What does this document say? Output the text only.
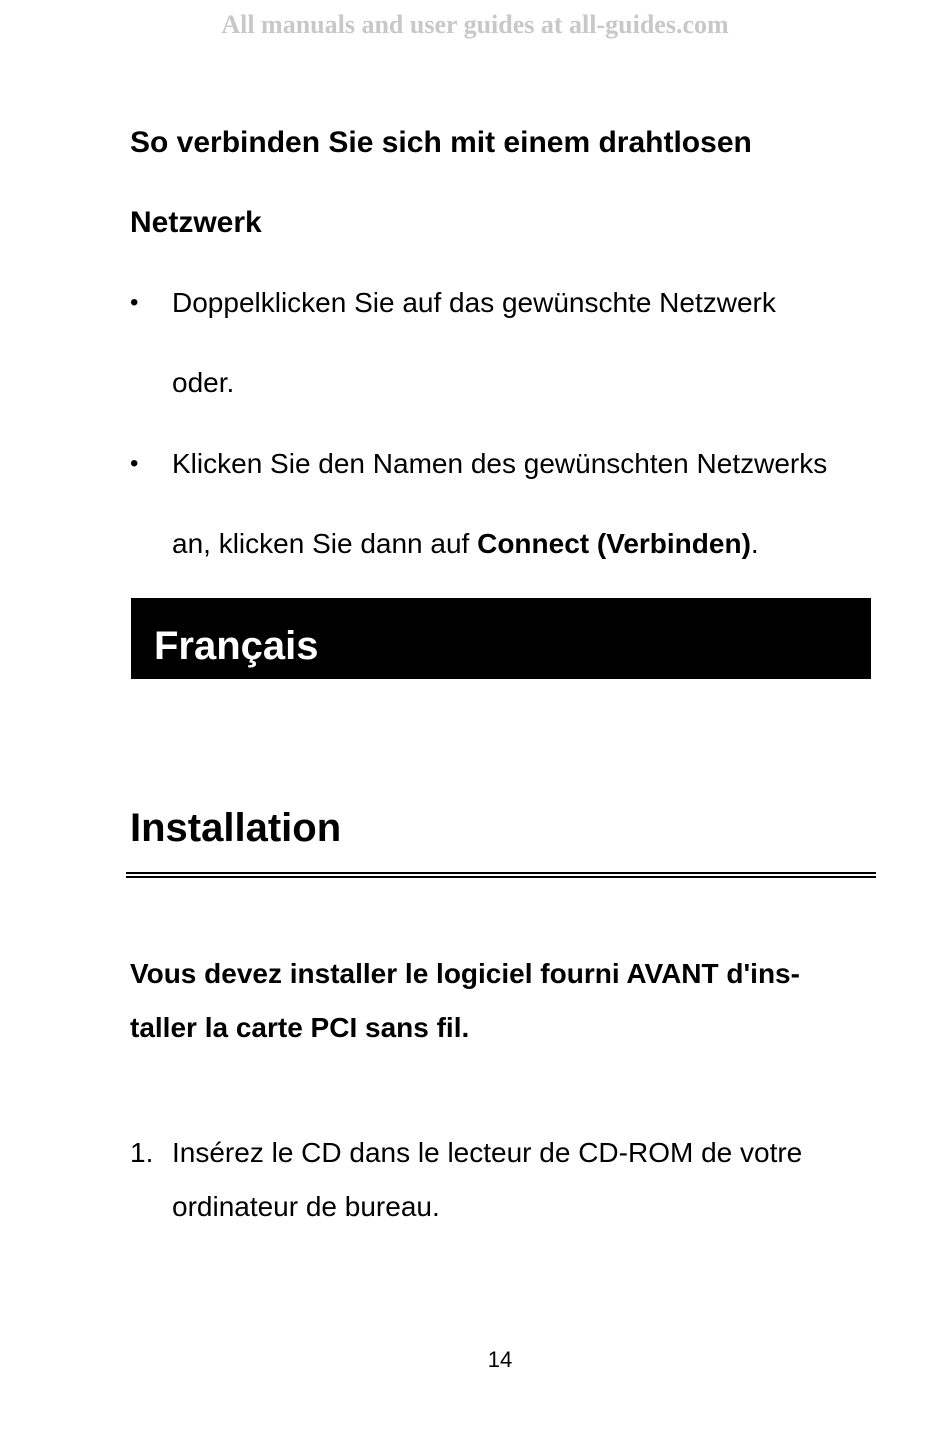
All manuals and user guides at all-guides.com
So verbinden Sie sich mit einem drahtlosen
Netzwerk
• Doppelklicken Sie auf das gewünschte Netzwerk
oder.
• Klicken Sie den Namen des gewünschten Netzwerks
an, klicken Sie dann auf Connect (Verbinden).
Français
Installation
Vous devez installer le logiciel fourni AVANT d'ins-
taller la carte PCI sans fil.
1. Insérez le CD dans le lecteur de CD-ROM de votre
ordinateur de bureau.
14
